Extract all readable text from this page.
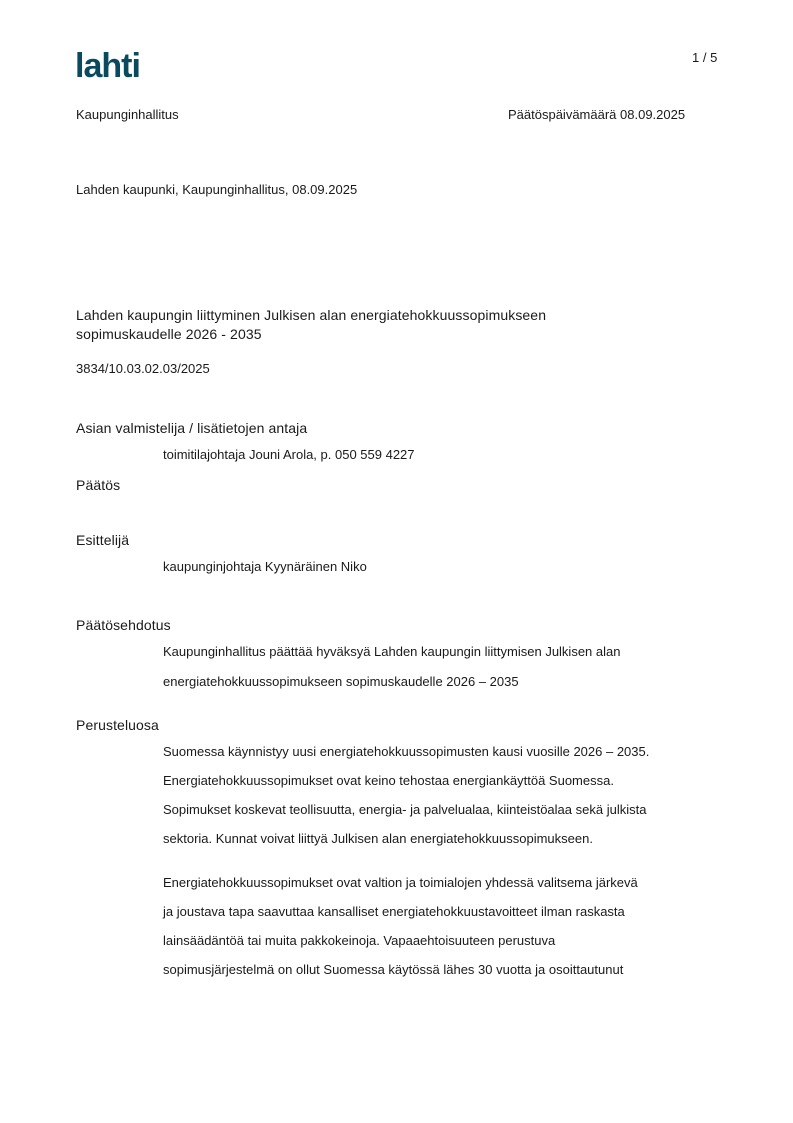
lahti	1 / 5
Kaupunginhallitus	Päätöspäivämäärä 08.09.2025
Lahden kaupunki, Kaupunginhallitus, 08.09.2025
Lahden kaupungin liittyminen Julkisen alan energiatehokkuussopimukseen
sopimuskaudelle 2026 - 2035
3834/10.03.02.03/2025
Asian valmistelija / lisätietojen antaja
toimitilajohtaja Jouni Arola, p. 050 559 4227
Päätös
Esittelijä
kaupunginjohtaja Kyynäräinen Niko
Päätösehdotus
Kaupunginhallitus päättää hyväksyä Lahden kaupungin liittymisen Julkisen alan
energiatehokkuussopimukseen sopimuskaudelle 2026 – 2035
Perusteluosa
Suomessa käynnistyy uusi energiatehokkuussopimusten kausi vuosille 2026 – 2035.
Energiatehokkuussopimukset ovat keino tehostaa energiankäyttöä Suomessa.
Sopimukset koskevat teollisuutta, energia- ja palvelualaa, kiinteistöalaa sekä julkista
sektoria. Kunnat voivat liittyä Julkisen alan energiatehokkuussopimukseen.
Energiatehokkuussopimukset ovat valtion ja toimialojen yhdessä valitsema järkevä
ja joustava tapa saavuttaa kansalliset energiatehokkuustavoitteet ilman raskasta
lainsäädäntöä tai muita pakkokeinoja. Vapaaehtoisuuteen perustuva
sopimusjärjestelmä on ollut Suomessa käytössä lähes 30 vuotta ja osoittautunut
